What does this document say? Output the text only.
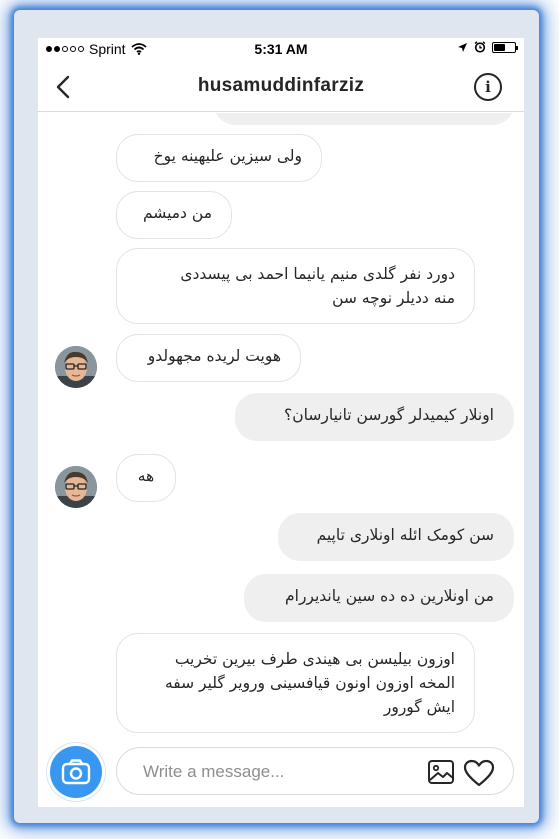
Sprint	5:31 AM
husamuddinfarziz	i
ولی سیزین علیهینه یوخ
من دمیشم
دورد نفر گلدی منیم یانیما احمد بی پیسددی
منه ددیلر نوچه سن
هویت لریده مجهولدو
اونلار کیمیدلر گورسن تانیارسان؟
هه
سن کومک ائله اونلاری تاپیم
من اونلارین ده ده سین یاندیررام
اوزون بیلیسن بی هیندی طرف بیرین تخریب
المخه اوزون اونون قیافسینی ورویر گلیر سفه
ایش گورور
Write a message...
